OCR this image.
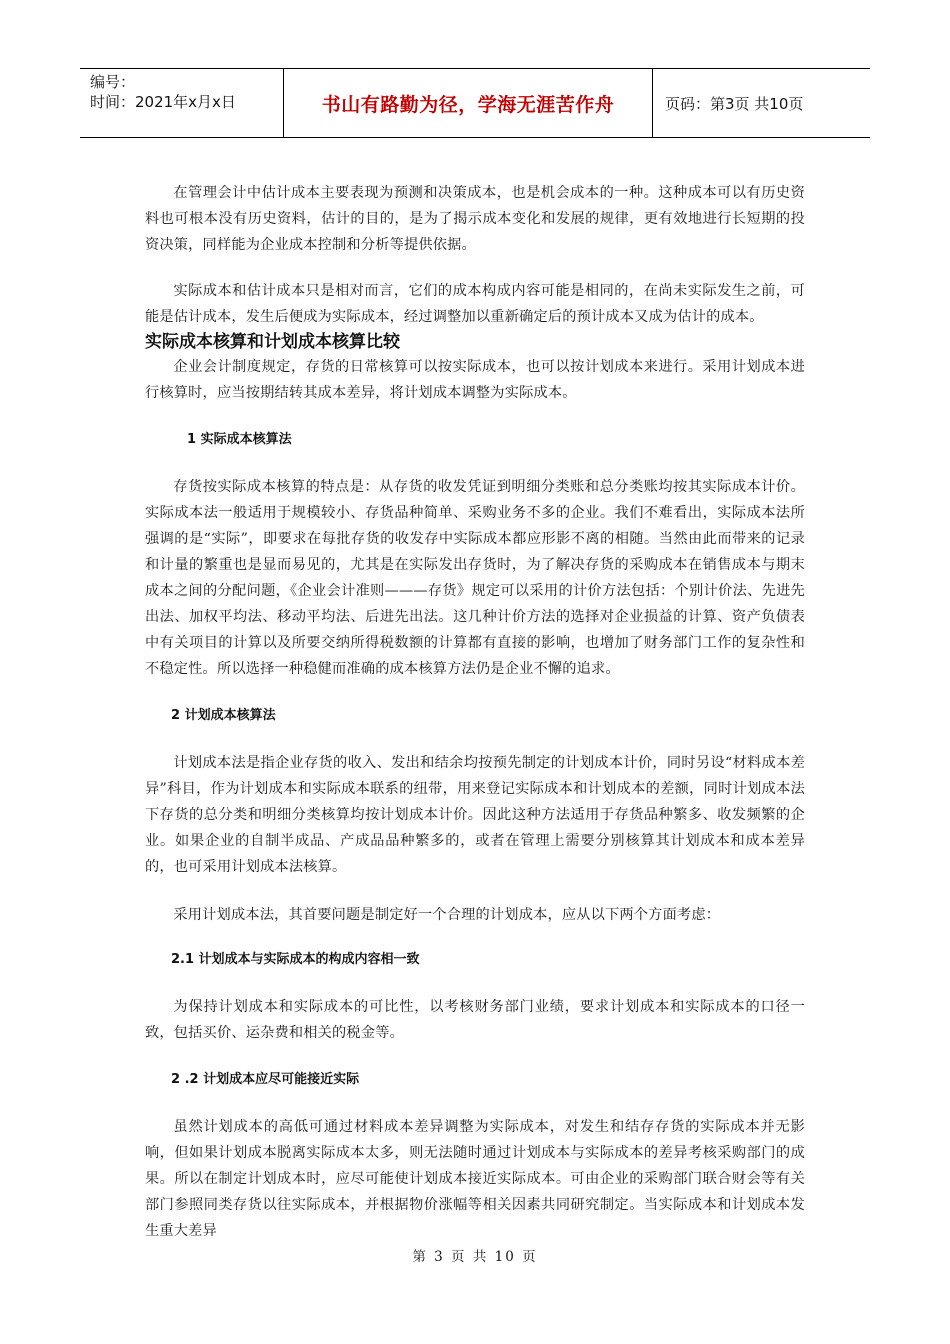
编号：
时间：2021年x月x日	书山有路勤为径，学海无涯苦作舟	页码：第3页 共10页

在管理会计中估计成本主要表现为预测和决策成本，也是机会成本的一种。这种成本可以有历史资料也可根本没有历史资料，估计的目的，是为了揭示成本变化和发展的规律，更有效地进行长短期的投资决策，同样能为企业成本控制和分析等提供依据。

实际成本和估计成本只是相对而言，它们的成本构成内容可能是相同的，在尚未实际发生之前，可能是估计成本，发生后便成为实际成本，经过调整加以重新确定后的预计成本又成为估计的成本。

实际成本核算和计划成本核算比较

企业会计制度规定，存货的日常核算可以按实际成本，也可以按计划成本来进行。采用计划成本进行核算时，应当按期结转其成本差异，将计划成本调整为实际成本。

1 实际成本核算法

存货按实际成本核算的特点是：从存货的收发凭证到明细分类账和总分类账均按其实际成本计价。实际成本法一般适用于规模较小、存货品种简单、采购业务不多的企业。我们不难看出，实际成本法所强调的是“实际”，即要求在每批存货的收发存中实际成本都应形影不离的相随。当然由此而带来的记录和计量的繁重也是显而易见的，尤其是在实际发出存货时，为了解决存货的采购成本在销售成本与期末成本之间的分配问题，《企业会计准则———存货》规定可以采用的计价方法包括：个别计价法、先进先出法、加权平均法、移动平均法、后进先出法。这几种计价方法的选择对企业损益的计算、资产负债表中有关项目的计算以及所要交纳所得税数额的计算都有直接的影响，也增加了财务部门工作的复杂性和不稳定性。所以选择一种稳健而准确的成本核算方法仍是企业不懈的追求。

2 计划成本核算法

计划成本法是指企业存货的收入、发出和结余均按预先制定的计划成本计价，同时另设“材料成本差异”科目，作为计划成本和实际成本联系的纽带，用来登记实际成本和计划成本的差额，同时计划成本法下存货的总分类和明细分类核算均按计划成本计价。因此这种方法适用于存货品种繁多、收发频繁的企业。如果企业的自制半成品、产成品品种繁多的，或者在管理上需要分别核算其计划成本和成本差异的，也可采用计划成本法核算。

采用计划成本法，其首要问题是制定好一个合理的计划成本，应从以下两个方面考虑：

2.1 计划成本与实际成本的构成内容相一致

为保持计划成本和实际成本的可比性，以考核财务部门业绩，要求计划成本和实际成本的口径一致，包括买价、运杂费和相关的税金等。

2 .2 计划成本应尽可能接近实际

虽然计划成本的高低可通过材料成本差异调整为实际成本，对发生和结存存货的实际成本并无影响，但如果计划成本脱离实际成本太多，则无法随时通过计划成本与实际成本的差异考核采购部门的成果。所以在制定计划成本时，应尽可能使计划成本接近实际成本。可由企业的采购部门联合财会等有关部门参照同类存货以往实际成本，并根据物价涨幅等相关因素共同研究制定。当实际成本和计划成本发生重大差异

第 3 页 共 10 页
